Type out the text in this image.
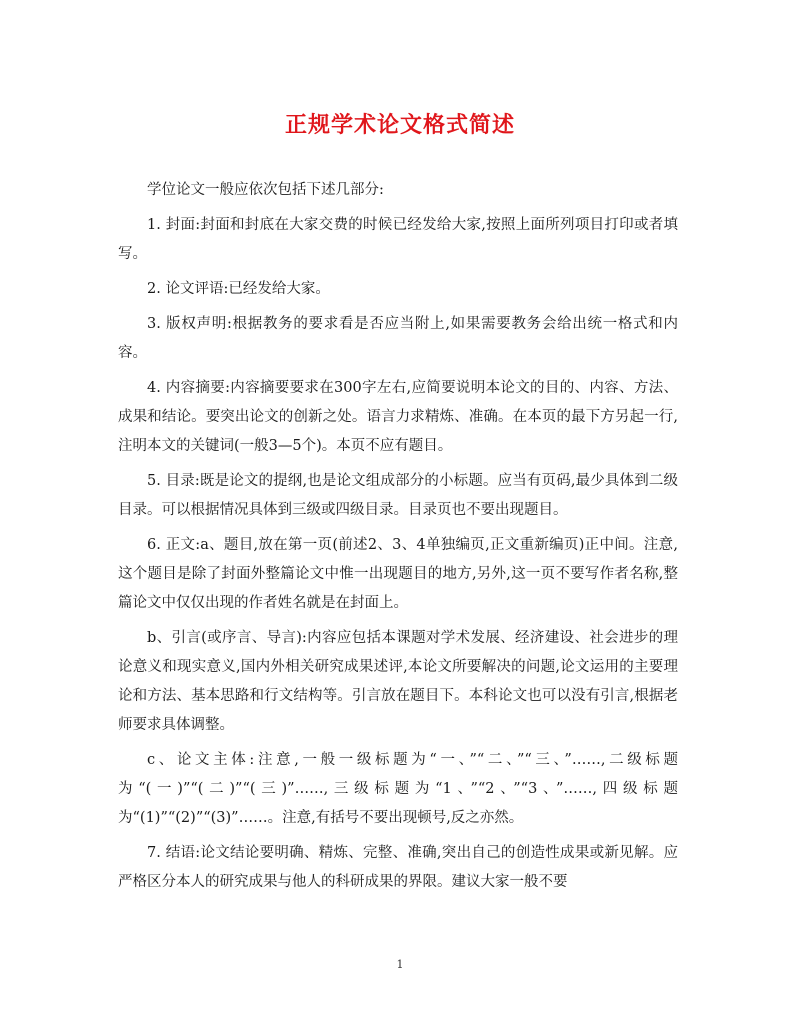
正规学术论文格式简述

学位论文一般应依次包括下述几部分:

1. 封面:封面和封底在大家交费的时候已经发给大家,按照上面所列项目打印或者填写。

2. 论文评语:已经发给大家。

3. 版权声明:根据教务的要求看是否应当附上,如果需要教务会给出统一格式和内容。

4. 内容摘要:内容摘要要求在300字左右,应简要说明本论文的目的、内容、方法、成果和结论。要突出论文的创新之处。语言力求精炼、准确。在本页的最下方另起一行,注明本文的关键词(一般3—5个)。本页不应有题目。

5. 目录:既是论文的提纲,也是论文组成部分的小标题。应当有页码,最少具体到二级目录。可以根据情况具体到三级或四级目录。目录页也不要出现题目。

6. 正文:a、题目,放在第一页(前述2、3、4单独编页,正文重新编页)正中间。注意,这个题目是除了封面外整篇论文中惟一出现题目的地方,另外,这一页不要写作者名称,整篇论文中仅仅出现的作者姓名就是在封面上。

b、引言(或序言、导言):内容应包括本课题对学术发展、经济建设、社会进步的理论意义和现实意义,国内外相关研究成果述评,本论文所要解决的问题,论文运用的主要理论和方法、基本思路和行文结构等。引言放在题目下。本科论文也可以没有引言,根据老师要求具体调整。

c、论文主体:注意,一般一级标题为“一、”“二、”“三、”……,二级标题为“(一)”“(二)”“(三)”……,三级标题为“1、”“2、”“3、”……,四级标题为“(1)”“(2)”“(3)”……。注意,有括号不要出现顿号,反之亦然。

7. 结语:论文结论要明确、精炼、完整、准确,突出自己的创造性成果或新见解。应严格区分本人的研究成果与他人的科研成果的界限。建议大家一般不要

1
